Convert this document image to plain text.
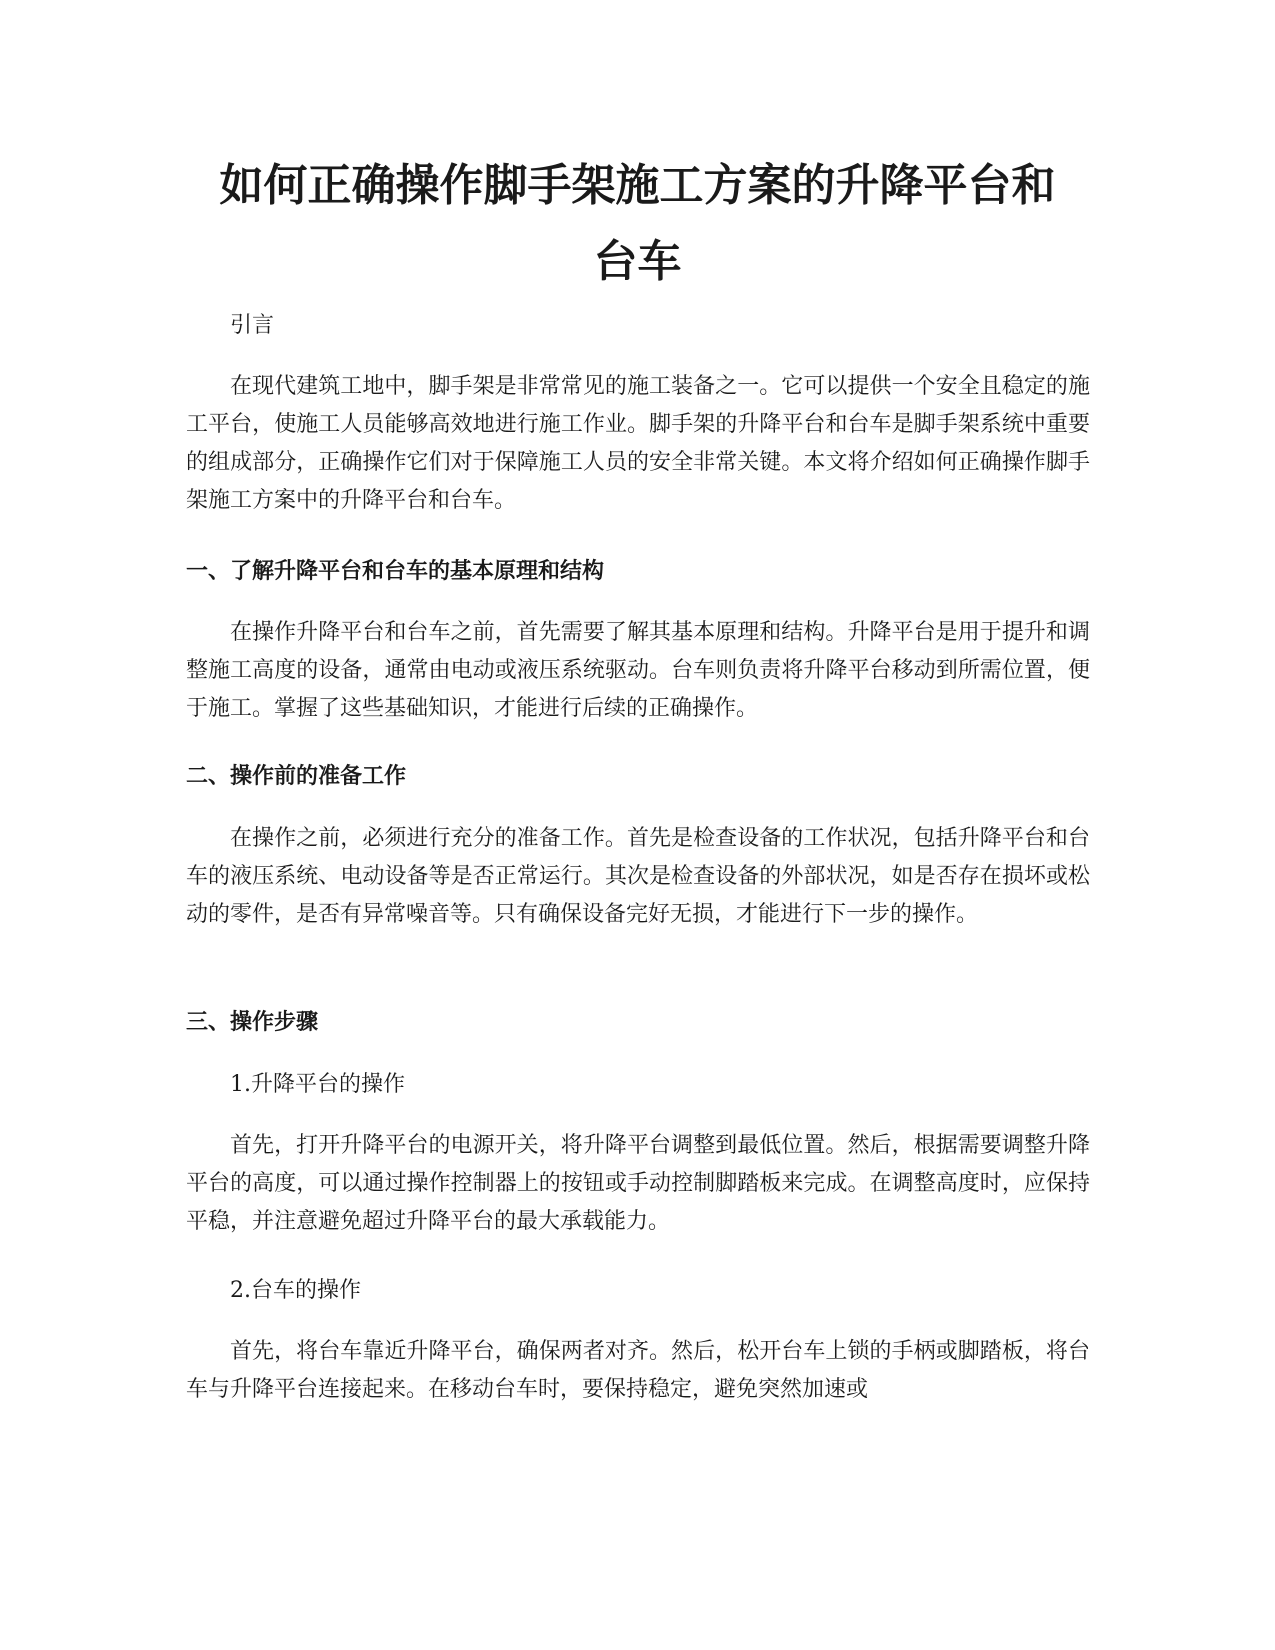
如何正确操作脚手架施工方案的升降平台和
台车

引言

在现代建筑工地中，脚手架是非常常见的施工装备之一。它可以提供一个安全且稳定的施工平台，使施工人员能够高效地进行施工作业。脚手架的升降平台和台车是脚手架系统中重要的组成部分，正确操作它们对于保障施工人员的安全非常关键。本文将介绍如何正确操作脚手架施工方案中的升降平台和台车。

一、了解升降平台和台车的基本原理和结构

在操作升降平台和台车之前，首先需要了解其基本原理和结构。升降平台是用于提升和调整施工高度的设备，通常由电动或液压系统驱动。台车则负责将升降平台移动到所需位置，便于施工。掌握了这些基础知识，才能进行后续的正确操作。

二、操作前的准备工作

在操作之前，必须进行充分的准备工作。首先是检查设备的工作状况，包括升降平台和台车的液压系统、电动设备等是否正常运行。其次是检查设备的外部状况，如是否存在损坏或松动的零件，是否有异常噪音等。只有确保设备完好无损，才能进行下一步的操作。

三、操作步骤

1.升降平台的操作

首先，打开升降平台的电源开关，将升降平台调整到最低位置。然后，根据需要调整升降平台的高度，可以通过操作控制器上的按钮或手动控制脚踏板来完成。在调整高度时，应保持平稳，并注意避免超过升降平台的最大承载能力。

2.台车的操作

首先，将台车靠近升降平台，确保两者对齐。然后，松开台车上锁的手柄或脚踏板，将台车与升降平台连接起来。在移动台车时，要保持稳定，避免突然加速或
